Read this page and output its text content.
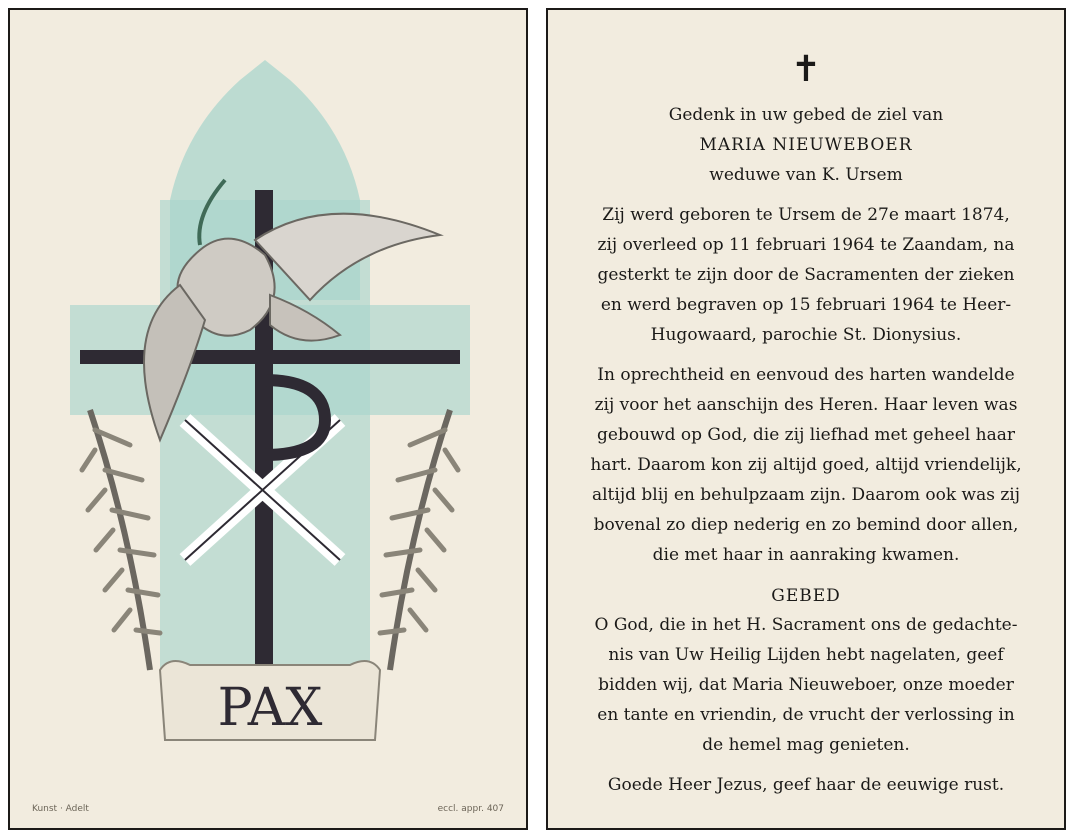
PAX
Kunst · Adelt	eccl. appr. 407
✝
Gedenk in uw gebed de ziel van
MARIA NIEUWEBOER
weduwe van K. Ursem
Zij werd geboren te Ursem de 27e maart 1874,
zij overleed op 11 februari 1964 te Zaandam, na
gesterkt te zijn door de Sacramenten der zieken
en werd begraven op 15 februari 1964 te Heer-
Hugowaard, parochie St. Dionysius.
In oprechtheid en eenvoud des harten wandelde
zij voor het aanschijn des Heren. Haar leven was
gebouwd op God, die zij liefhad met geheel haar
hart. Daarom kon zij altijd goed, altijd vriendelijk,
altijd blij en behulpzaam zijn. Daarom ook was zij
bovenal zo diep nederig en zo bemind door allen,
die met haar in aanraking kwamen.
GEBED
O God, die in het H. Sacrament ons de gedachte-
nis van Uw Heilig Lijden hebt nagelaten, geef
bidden wij, dat Maria Nieuweboer, onze moeder
en tante en vriendin, de vrucht der verlossing in
de hemel mag genieten.
Goede Heer Jezus, geef haar de eeuwige rust.
